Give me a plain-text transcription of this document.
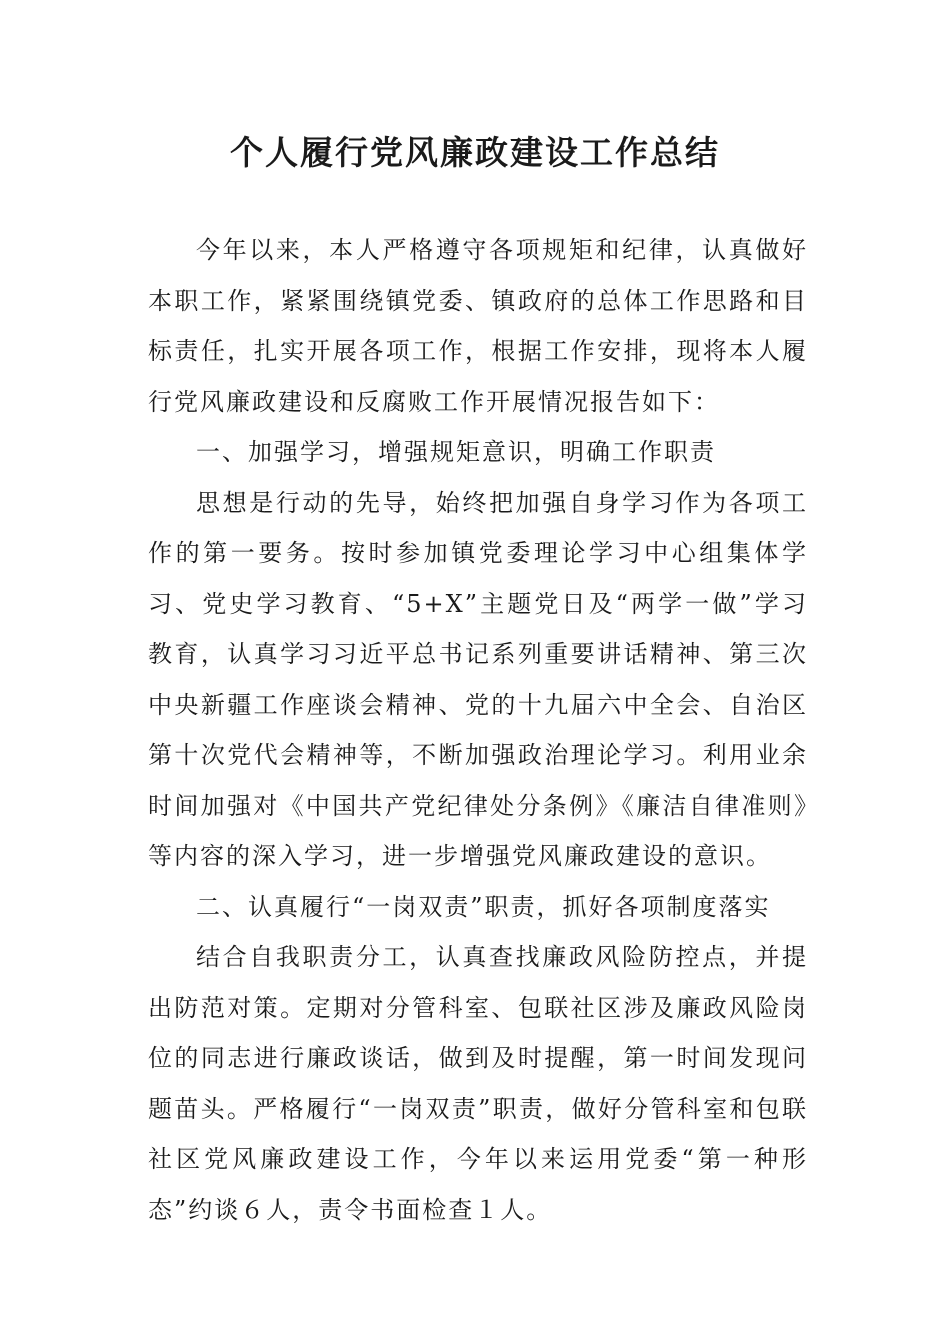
个人履行党风廉政建设工作总结

今年以来，本人严格遵守各项规矩和纪律，认真做好本职工作，紧紧围绕镇党委、镇政府的总体工作思路和目标责任，扎实开展各项工作，根据工作安排，现将本人履行党风廉政建设和反腐败工作开展情况报告如下：

一、加强学习，增强规矩意识，明确工作职责

思想是行动的先导，始终把加强自身学习作为各项工作的第一要务。按时参加镇党委理论学习中心组集体学习、党史学习教育、“5+X”主题党日及“两学一做”学习教育，认真学习习近平总书记系列重要讲话精神、第三次中央新疆工作座谈会精神、党的十九届六中全会、自治区第十次党代会精神等，不断加强政治理论学习。利用业余时间加强对《中国共产党纪律处分条例》《廉洁自律准则》等内容的深入学习，进一步增强党风廉政建设的意识。

二、认真履行“一岗双责”职责，抓好各项制度落实

结合自我职责分工，认真查找廉政风险防控点，并提出防范对策。定期对分管科室、包联社区涉及廉政风险岗位的同志进行廉政谈话，做到及时提醒，第一时间发现问题苗头。严格履行“一岗双责”职责，做好分管科室和包联社区党风廉政建设工作，今年以来运用党委“第一种形态”约谈６人，责令书面检查１人。
